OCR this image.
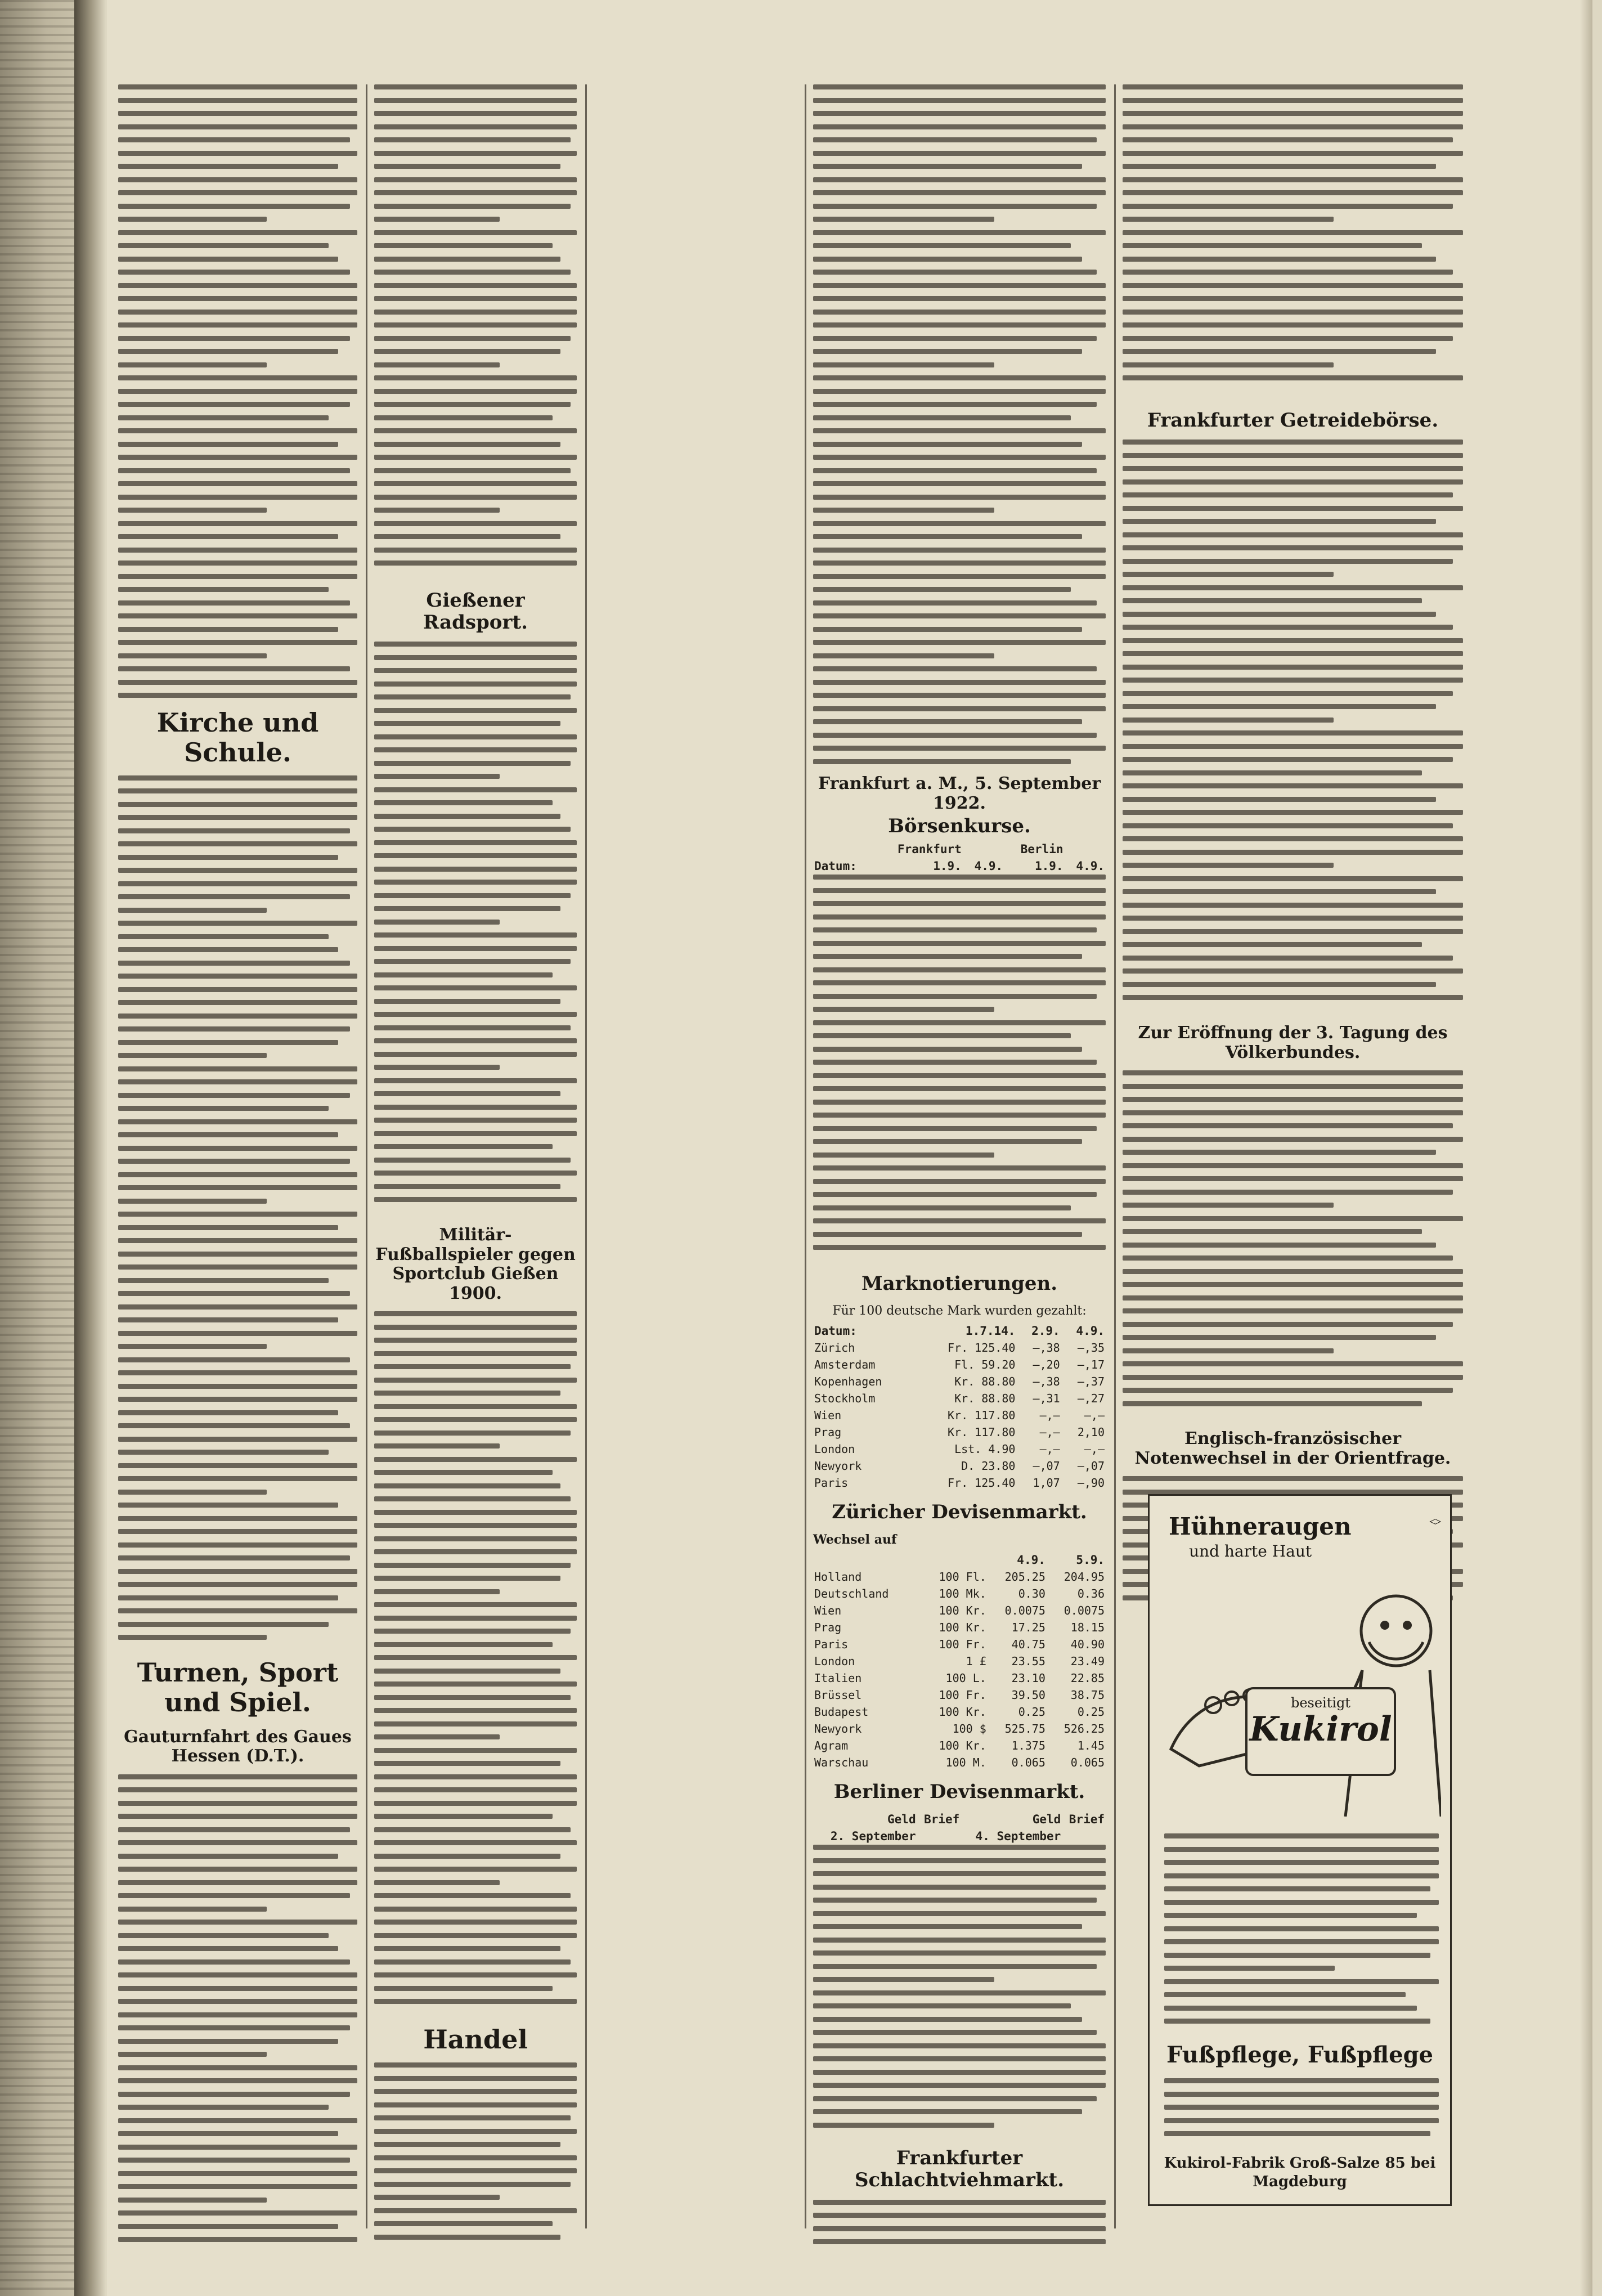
Kirche und Schule.
Turnen, Sport und Spiel.
Gauturnfahrt des Gaues Hessen (D.T.).
Gießener Radsport.
Militär-Fußballspieler gegen Sportclub Gießen 1900.
Handel
Frankfurt a. M., 5. September 1922.
Börsenkurse.
	Frankfurt		Berlin	
Datum:	1.9.	4.9.	1.9.	4.9.
Marknotierungen.
Für 100 deutsche Mark wurden gezahlt:
Datum:	1.7.14.	2.9.	4.9.
Zürich	Fr. 125.40	—,38	—,35
Amsterdam	Fl. 59.20	—,20	—,17
Kopenhagen	Kr. 88.80	—,38	—,37
Stockholm	Kr. 88.80	—,31	—,27
Wien	Kr. 117.80	—,—	—,—
Prag	Kr. 117.80	—,—	2,10
London	Lst. 4.90	—,—	—,—
Newyork	D. 23.80	—,07	—,07
Paris	Fr. 125.40	1,07	—,90
Züricher Devisenmarkt.
Wechsel auf
		4.9.	5.9.
Holland	100 Fl.	205.25	204.95
Deutschland	100 Mk.	0.30	0.36
Wien	100 Kr.	0.0075	0.0075
Prag	100 Kr.	17.25	18.15
Paris	100 Fr.	40.75	40.90
London	1 £	23.55	23.49
Italien	100 L.	23.10	22.85
Brüssel	100 Fr.	39.50	38.75
Budapest	100 Kr.	0.25	0.25
Newyork	100 $	525.75	526.25
Agram	100 Kr.	1.375	1.45
Warschau	100 M.	0.065	0.065
Berliner Devisenmarkt.
	Geld	Brief	Geld	Brief
	2. September		4. September	
Frankfurter Schlachtviehmarkt.
Frankfurter Getreidebörse.
Zur Eröffnung der 3. Tagung des Völkerbundes.
Englisch-französischer Notenwechsel in der Orientfrage.
◊
Hühneraugen
und harte Haut
beseitigt
Kukirol
Fußpflege, Fußpflege
Kukirol-Fabrik Groß-Salze 85 bei Magdeburg
